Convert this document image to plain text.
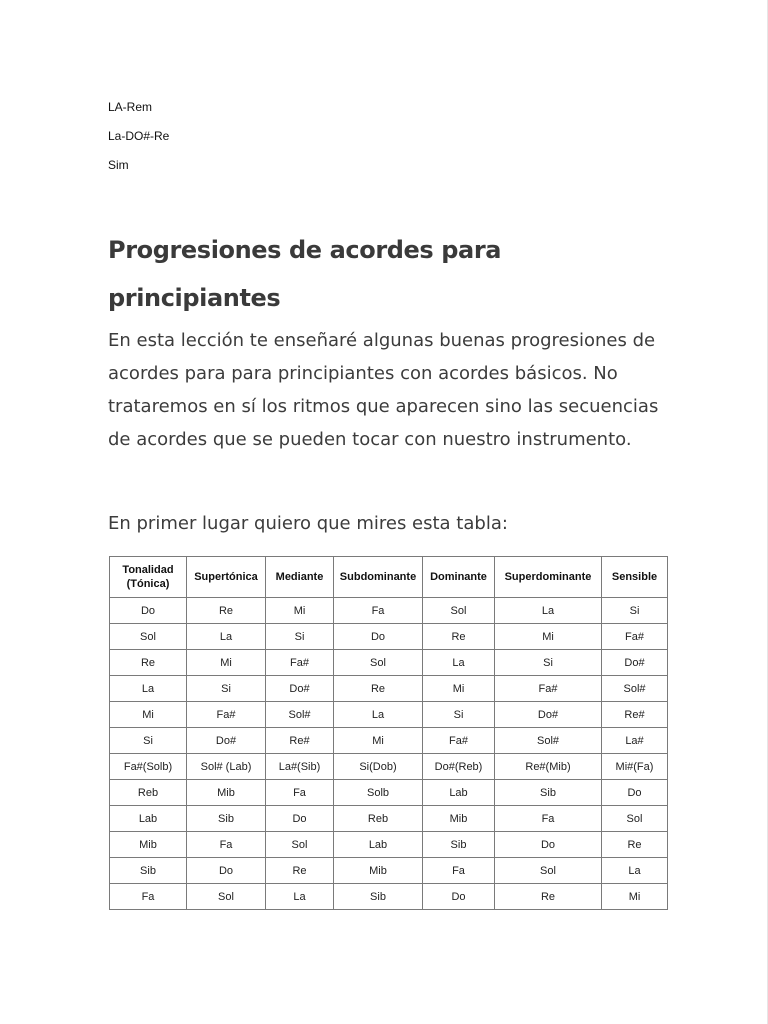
LA-Rem
La-DO#-Re
Sim
Progresiones de acordes para principiantes

En esta lección te enseñaré algunas buenas progresiones de acordes para para principiantes con acordes básicos. No trataremos en sí los ritmos que aparecen sino las secuencias de acordes que se pueden tocar con nuestro instrumento.

En primer lugar quiero que mires esta tabla:

Tonalidad (Tónica)	Supertónica	Mediante	Subdominante	Dominante	Superdominante	Sensible
Do	Re	Mi	Fa	Sol	La	Si
Sol	La	Si	Do	Re	Mi	Fa#
Re	Mi	Fa#	Sol	La	Si	Do#
La	Si	Do#	Re	Mi	Fa#	Sol#
Mi	Fa#	Sol#	La	Si	Do#	Re#
Si	Do#	Re#	Mi	Fa#	Sol#	La#
Fa#(Solb)	Sol# (Lab)	La#(Sib)	Si(Dob)	Do#(Reb)	Re#(Mib)	Mi#(Fa)
Reb	Mib	Fa	Solb	Lab	Sib	Do
Lab	Sib	Do	Reb	Mib	Fa	Sol
Mib	Fa	Sol	Lab	Sib	Do	Re
Sib	Do	Re	Mib	Fa	Sol	La
Fa	Sol	La	Sib	Do	Re	Mi
